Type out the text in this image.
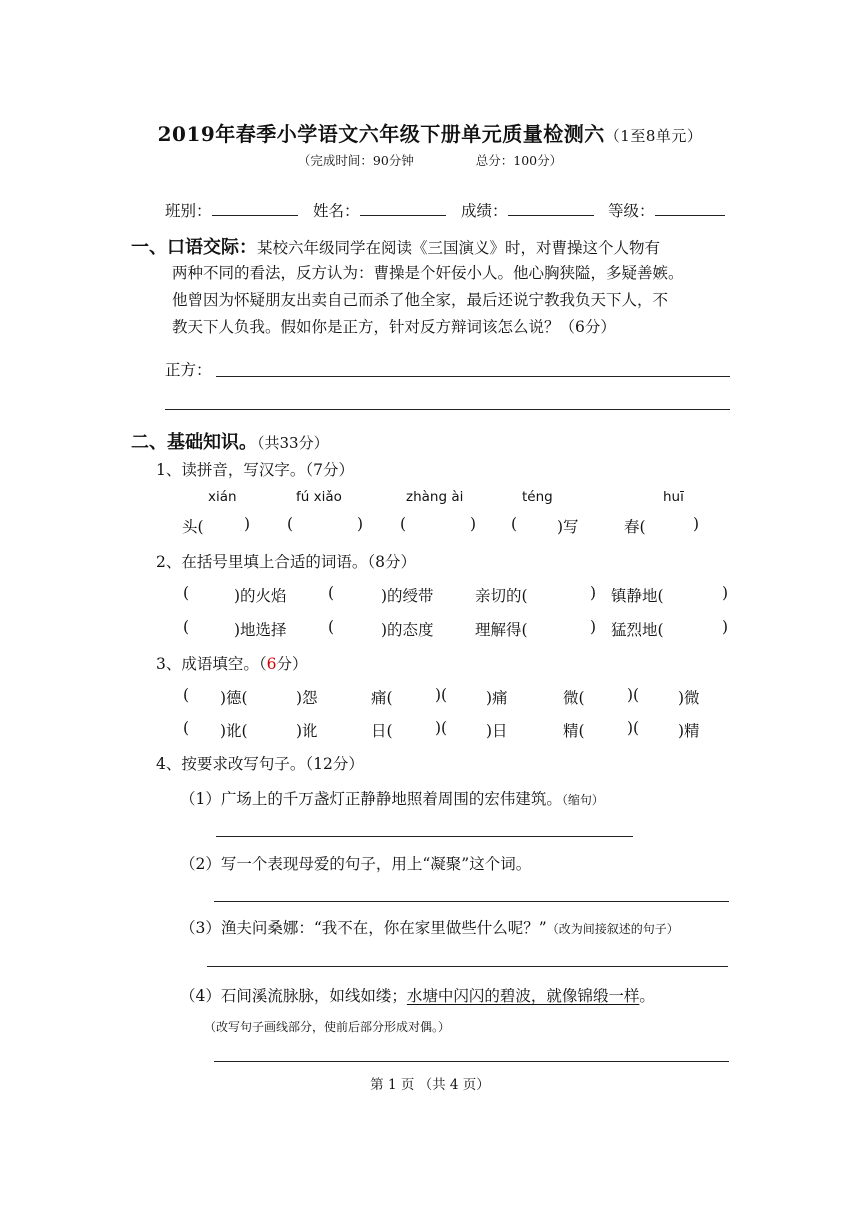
2019年春季小学语文六年级下册单元质量检测六（1至8单元）
（完成时间：90分钟	总分：100分）
班别：	姓名：	成绩：	等级：
一、口语交际：某校六年级同学在阅读《三国演义》时，对曹操这个人物有
两种不同的看法，反方认为：曹操是个奸佞小人。他心胸狭隘，多疑善嫉。
他曾因为怀疑朋友出卖自己而杀了他全家，最后还说宁教我负天下人，不
教天下人负我。假如你是正方，针对反方辩词该怎么说？（6分）
正方：
二、基础知识。（共33分）
1、读拼音，写汉字。（7分）
xián	fú xiǎo	zhàng ài	téng	huī
头(	) (	) (	) (	)写	春(	)
2、在括号里填上合适的词语。（8分）
(	)的火焰	(	)的绶带	亲切的(	) 镇静地(	)
(	)地选择	(	)的态度	理解得(	) 猛烈地(	)
3、成语填空。（6分）
( )德(	)怨	痛(	)(	)痛	微(	)(	)微
( )讹(	)讹	日(	)(	)日	精(	)(	)精
4、按要求改写句子。（12分）
（1）广场上的千万盏灯正静静地照着周围的宏伟建筑。（缩句）
（2）写一个表现母爱的句子，用上“凝聚”这个词。
（3）渔夫问桑娜：“我不在，你在家里做些什么呢？”（改为间接叙述的句子）
（4）石间溪流脉脉，如线如缕；水塘中闪闪的碧波，就像锦缎一样。
（改写句子画线部分，使前后部分形成对偶。）
第 1 页 （共 4 页）
